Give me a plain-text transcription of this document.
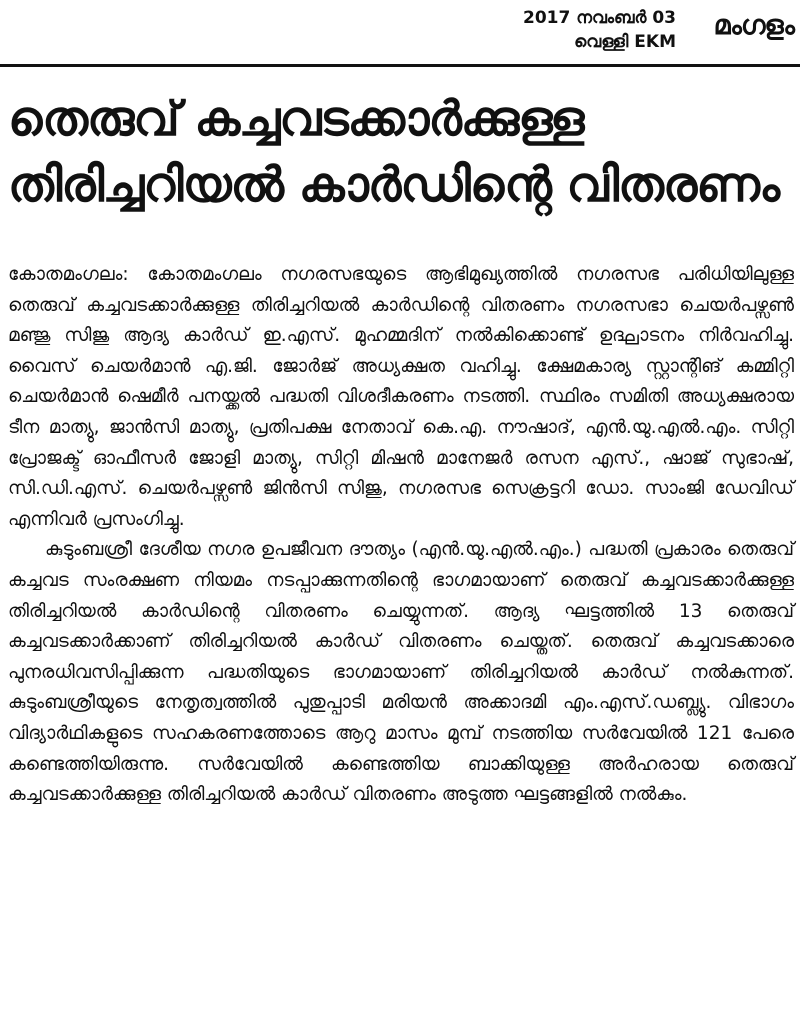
2017 നവംബർ 03
വെള്ളി EKM
മംഗളം
തെരുവ് കച്ചവടക്കാർക്കുള്ള
തിരിച്ചറിയൽ കാർഡിന്റെ വിതരണം

കോതമംഗലം: കോതമംഗലം നഗരസഭയുടെ ആഭിമുഖ്യത്തിൽ നഗരസഭ പരിധിയിലുള്ള തെരുവ് കച്ചവടക്കാർക്കുള്ള തിരിച്ചറിയൽ കാർഡിന്റെ വിതരണം നഗരസഭാ ചെയർപഴ്സൺ മഞ്ജു സിജു ആദ്യ കാർഡ് ഇ.എസ്. മുഹമ്മദിന് നൽകിക്കൊണ്ട് ഉദ്ഘാടനം നിർവഹിച്ചു. വൈസ് ചെയർമാൻ എ.ജി. ജോർജ് അധ്യക്ഷത വഹിച്ചു. ക്ഷേമകാര്യ സ്റ്റാന്റിങ് കമ്മിറ്റി ചെയർമാൻ ഷെമീർ പനയ്ക്കൽ പദ്ധതി വിശദീകരണം നടത്തി. സ്ഥിരം സമിതി അധ്യക്ഷരായ ടീന മാത്യു, ജാൻസി മാത്യു, പ്രതിപക്ഷ നേതാവ് കെ.എ. നൗഷാദ്, എൻ.യു.എൽ.എം. സിറ്റി പ്രോജക്ട് ഓഫീസർ ജോളി മാത്യു, സിറ്റി മിഷൻ മാനേജർ രസന എസ്., ഷാജ് സുഭാഷ്, സി.ഡി.എസ്. ചെയർപഴ്സൺ ജിൻസി സിജു, നഗരസഭ സെക്രട്ടറി ഡോ. സാംജി ഡേവിഡ് എന്നിവർ പ്രസംഗിച്ചു.

കുടുംബശ്രീ ദേശീയ നഗര ഉപജീവന ദൗത്യം (എൻ.യു.എൽ.എം.) പദ്ധതി പ്രകാരം തെരുവ് കച്ചവട സംരക്ഷണ നിയമം നടപ്പാക്കുന്നതിന്റെ ഭാഗമായാണ് തെരുവ് കച്ചവടക്കാർക്കുള്ള തിരിച്ചറിയൽ കാർഡിന്റെ വിതരണം ചെയ്യുന്നത്. ആദ്യ ഘട്ടത്തിൽ 13 തെരുവ് കച്ചവടക്കാർക്കാണ് തിരിച്ചറിയൽ കാർഡ് വിതരണം ചെയ്തത്. തെരുവ് കച്ചവടക്കാരെ പുനരധിവസിപ്പിക്കുന്ന പദ്ധതിയുടെ ഭാഗമായാണ് തിരിച്ചറിയൽ കാർഡ് നൽകുന്നത്. കുടുംബശ്രീയുടെ നേതൃത്വത്തിൽ പുതുപ്പാടി മരിയൻ അക്കാദമി എം.എസ്.ഡബ്ല്യു. വിഭാഗം വിദ്യാർഥികളുടെ സഹകരണത്തോടെ ആറു മാസം മുമ്പ് നടത്തിയ സർവേയിൽ 121 പേരെ കണ്ടെത്തിയിരുന്നു. സർവേയിൽ കണ്ടെത്തിയ ബാക്കിയുള്ള അർഹരായ തെരുവ് കച്ചവടക്കാർക്കുള്ള തിരിച്ചറിയൽ കാർഡ് വിതരണം അടുത്ത ഘട്ടങ്ങളിൽ നൽകും.
